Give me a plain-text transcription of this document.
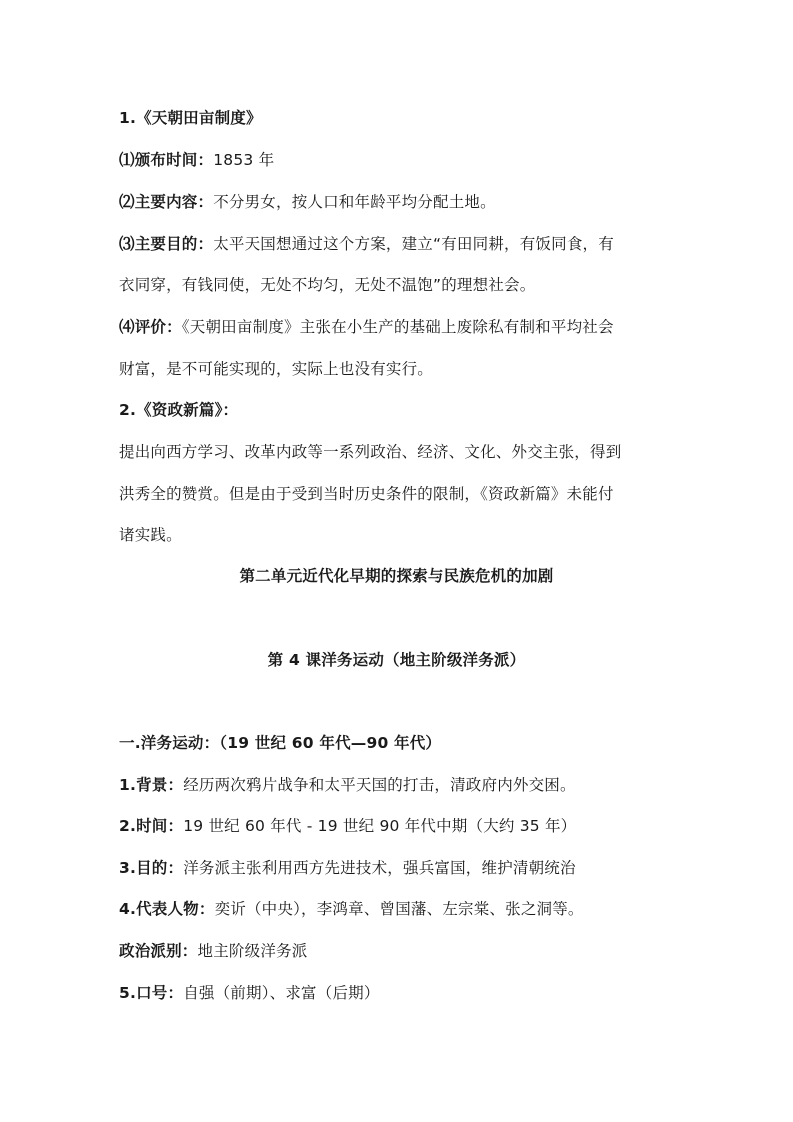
1.《天朝田亩制度》
⑴颁布时间：1853 年
⑵主要内容：不分男女，按人口和年龄平均分配土地。
⑶主要目的：太平天国想通过这个方案，建立“有田同耕，有饭同食，有
衣同穿，有钱同使，无处不均匀，无处不温饱”的理想社会。
⑷评价：《天朝田亩制度》主张在小生产的基础上废除私有制和平均社会
财富，是不可能实现的，实际上也没有实行。
2.《资政新篇》：
提出向西方学习、改革内政等一系列政治、经济、文化、外交主张，得到
洪秀全的赞赏。但是由于受到当时历史条件的限制，《资政新篇》未能付
诸实践。
第二单元近代化早期的探索与民族危机的加剧
第 4 课洋务运动（地主阶级洋务派）
一.洋务运动：（19 世纪 60 年代—90 年代）
1.背景：经历两次鸦片战争和太平天国的打击，清政府内外交困。
2.时间：19 世纪 60 年代 - 19 世纪 90 年代中期（大约 35 年）
3.目的：洋务派主张利用西方先进技术，强兵富国，维护清朝统治
4.代表人物：奕䜣（中央），李鸿章、曾国藩、左宗棠、张之洞等。
政治派别：地主阶级洋务派
5.口号：自强（前期）、求富（后期）
